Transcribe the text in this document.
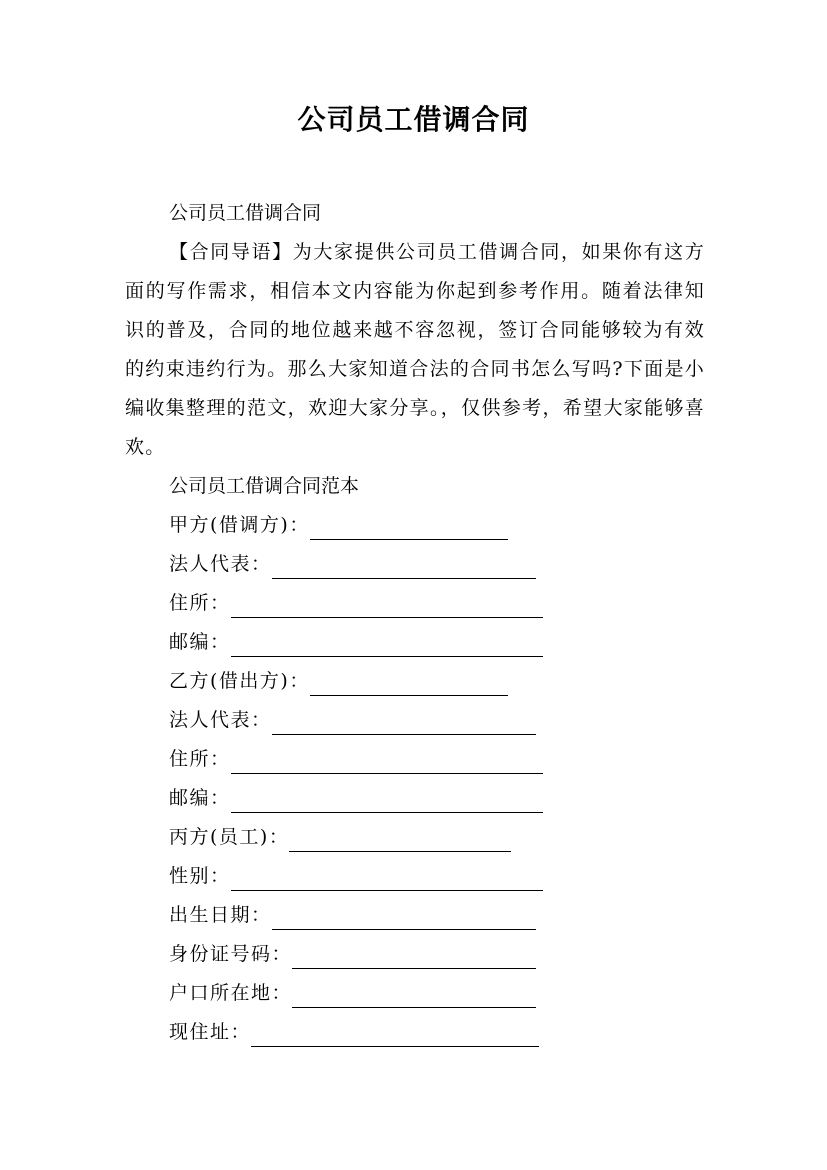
公司员工借调合同
公司员工借调合同
【合同导语】为大家提供公司员工借调合同，如果你有这方面的写作需求，相信本文内容能为你起到参考作用。随着法律知识的普及，合同的地位越来越不容忽视，签订合同能够较为有效的约束违约行为。那么大家知道合法的合同书怎么写吗?下面是小编收集整理的范文，欢迎大家分享。，仅供参考，希望大家能够喜欢。
公司员工借调合同范本
甲方(借调方)：
法人代表：
住所：
邮编：
乙方(借出方)：
法人代表：
住所：
邮编：
丙方(员工)：
性别：
出生日期：
身份证号码：
户口所在地：
现住址：
